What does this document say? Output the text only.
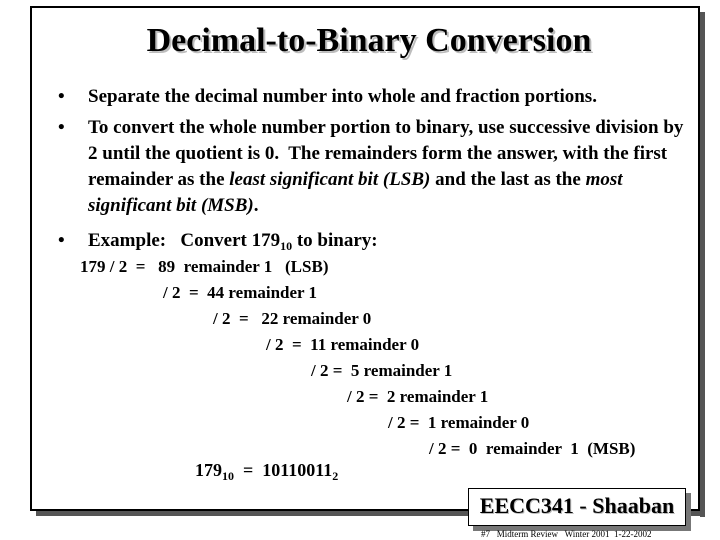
Decimal-to-Binary Conversion
• Separate the decimal number into whole and fraction portions.
• To convert the whole number portion to binary, use successive division by 2 until the quotient is 0.  The remainders form the answer, with the first remainder as the least significant bit (LSB) and the last as the most significant bit (MSB).
• Example:   Convert $179_{10}$ to binary:
179 / 2  =   89  remainder 1   (LSB)
/ 2  =  44 remainder 1
/ 2  =   22 remainder 0
/ 2  =  11 remainder 0
/ 2 =  5 remainder 1
/ 2 =  2 remainder 1
/ 2 =  1 remainder 0
/ 2 =  0  remainder  1  (MSB)
$179_{10} = 10110011_2$
EECC341 - Shaaban
#7   Midterm Review   Winter 2001  1-22-2002
